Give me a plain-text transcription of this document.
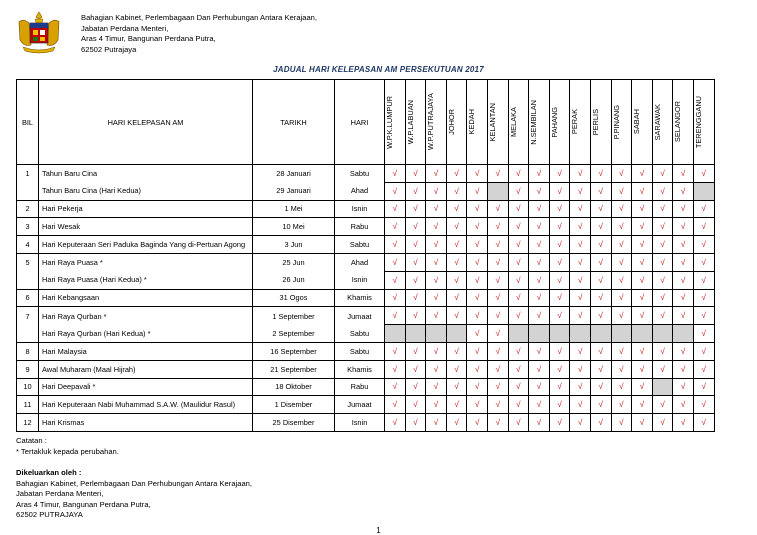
Bahagian Kabinet, Perlembagaan Dan Perhubungan Antara Kerajaan,
Jabatan Perdana Menteri,
Aras 4 Timur, Bangunan Perdana Putra,
62502 Putrajaya
JADUAL HARI KELEPASAN AM PERSEKUTUAN 2017
BIL	HARI KELEPASAN AM	TARIKH	HARI	W.P.K.LUMPUR	W.P.LABUAN	W.P.PUTRAJAYA	JOHOR	KEDAH	KELANTAN	MELAKA	N.SEMBILAN	PAHANG	PERAK	PERLIS	P.PINANG	SABAH	SARAWAK	SELANGOR	TERENGGANU

1	Tahun Baru Cina	28 Januari	Sabtu	√	√	√	√	√	√	√	√	√	√	√	√	√	√	√	√
	Tahun Baru Cina (Hari Kedua)	29 Januari	Ahad	√	√	√	√	√		√	√	√	√	√	√	√	√	√	
2	Hari Pekerja	1 Mei	Isnin	√	√	√	√	√	√	√	√	√	√	√	√	√	√	√	√
3	Hari Wesak	10 Mei	Rabu	√	√	√	√	√	√	√	√	√	√	√	√	√	√	√	√
4	Hari Keputeraan Seri Paduka Baginda Yang di-Pertuan Agong	3 Jun	Sabtu	√	√	√	√	√	√	√	√	√	√	√	√	√	√	√	√
5	Hari Raya Puasa *	25 Jun	Ahad	√	√	√	√	√	√	√	√	√	√	√	√	√	√	√	√
	Hari Raya Puasa (Hari Kedua) *	26 Jun	Isnin	√	√	√	√	√	√	√	√	√	√	√	√	√	√	√	√
6	Hari Kebangsaan	31 Ogos	Khamis	√	√	√	√	√	√	√	√	√	√	√	√	√	√	√	√
7	Hari Raya Qurban *	1 September	Jumaat	√	√	√	√	√	√	√	√	√	√	√	√	√	√	√	√
	Hari Raya Qurban (Hari Kedua) *	2 September	Sabtu					√	√										√
8	Hari Malaysia	16 September	Sabtu	√	√	√	√	√	√	√	√	√	√	√	√	√	√	√	√
9	Awal Muharam (Maal Hijrah)	21 September	Khamis	√	√	√	√	√	√	√	√	√	√	√	√	√	√	√	√
10	Hari Deepavali *	18 Oktober	Rabu	√	√	√	√	√	√	√	√	√	√	√	√	√		√	√
11	Hari Keputeraan Nabi Muhammad S.A.W. (Maulidur Rasul)	1 Disember	Jumaat	√	√	√	√	√	√	√	√	√	√	√	√	√	√	√	√
12	Hari Krismas	25 Disember	Isnin	√	√	√	√	√	√	√	√	√	√	√	√	√	√	√	√
Catatan :
* Tertakluk kepada perubahan.
Dikeluarkan oleh :
Bahagian Kabinet, Perlembagaan Dan Perhubungan Antara Kerajaan,
Jabatan Perdana Menteri,
Aras 4 Timur, Bangunan Perdana Putra,
62502 PUTRAJAYA
1
